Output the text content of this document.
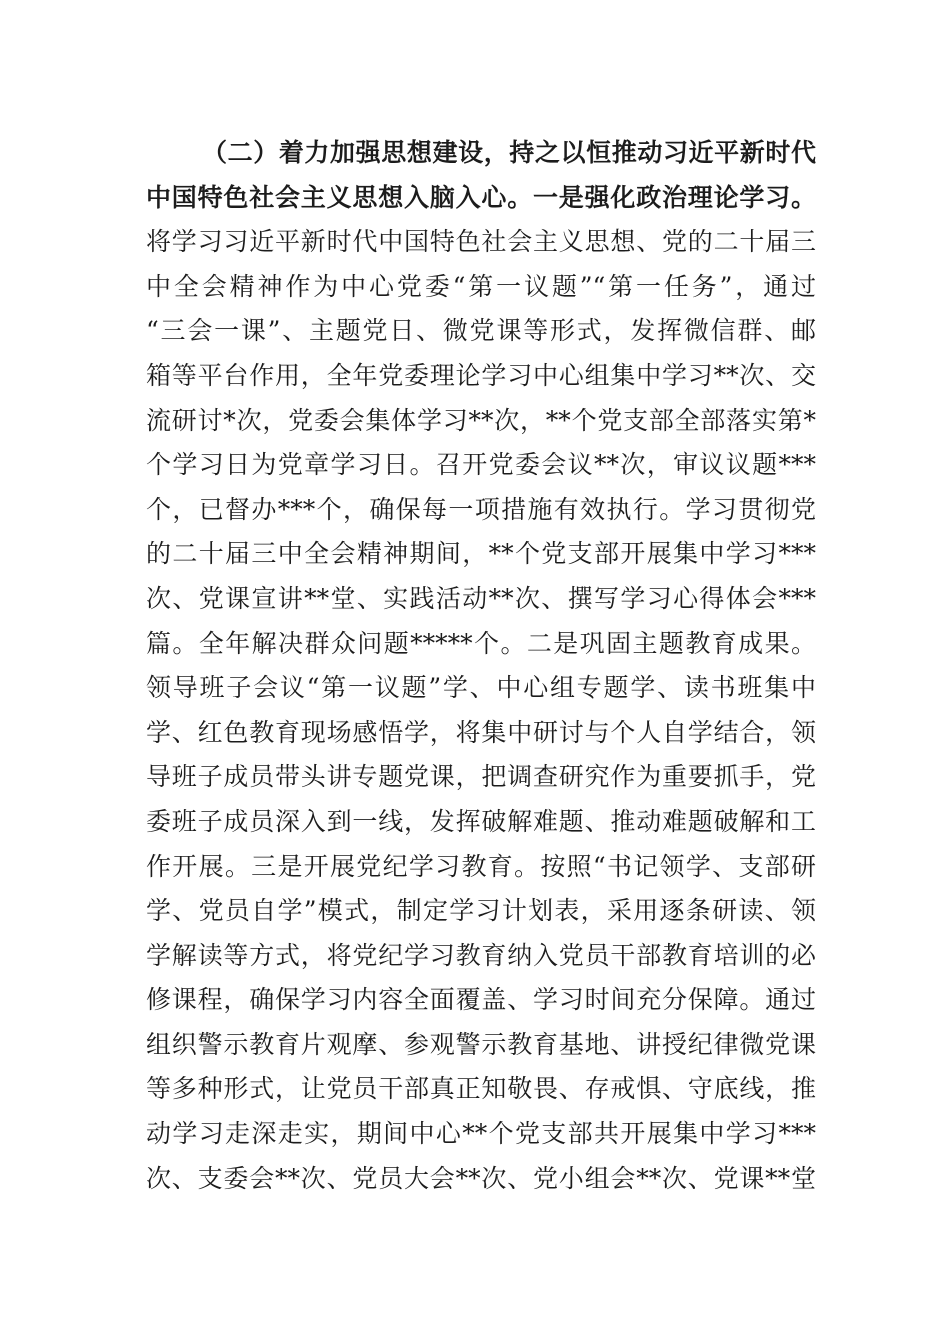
（二）着力加强思想建设，持之以恒推动习近平新时代
中国特色社会主义思想入脑入心。一是强化政治理论学习。
将学习习近平新时代中国特色社会主义思想、党的二十届三
中全会精神作为中心党委“第一议题”“第一任务”，通过
“三会一课”、主题党日、微党课等形式，发挥微信群、邮
箱等平台作用，全年党委理论学习中心组集中学习**次、交
流研讨*次，党委会集体学习**次，**个党支部全部落实第*
个学习日为党章学习日。召开党委会议**次，审议议题***
个，已督办***个，确保每一项措施有效执行。学习贯彻党
的二十届三中全会精神期间，**个党支部开展集中学习***
次、党课宣讲**堂、实践活动**次、撰写学习心得体会***
篇。全年解决群众问题*****个。二是巩固主题教育成果。
领导班子会议“第一议题”学、中心组专题学、读书班集中
学、红色教育现场感悟学，将集中研讨与个人自学结合，领
导班子成员带头讲专题党课，把调查研究作为重要抓手，党
委班子成员深入到一线，发挥破解难题、推动难题破解和工
作开展。三是开展党纪学习教育。按照“书记领学、支部研
学、党员自学”模式，制定学习计划表，采用逐条研读、领
学解读等方式，将党纪学习教育纳入党员干部教育培训的必
修课程，确保学习内容全面覆盖、学习时间充分保障。通过
组织警示教育片观摩、参观警示教育基地、讲授纪律微党课
等多种形式，让党员干部真正知敬畏、存戒惧、守底线，推
动学习走深走实，期间中心**个党支部共开展集中学习***
次、支委会**次、党员大会**次、党小组会**次、党课**堂
